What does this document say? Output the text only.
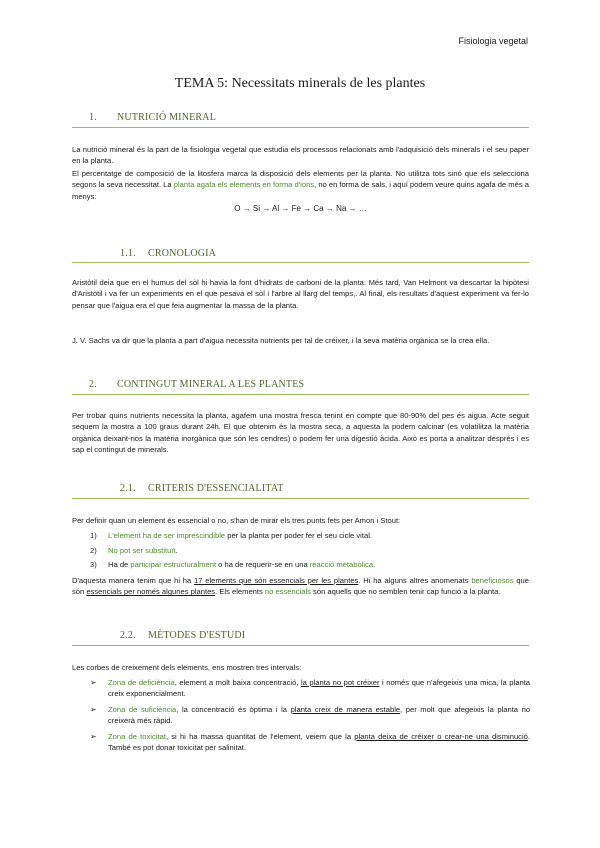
Fisiologia vegetal
TEMA 5: Necessitats minerals de les plantes
1. NUTRICIÓ MINERAL
La nutrició mineral és la part de la fisiologia vegetal que estudia els processos relacionats amb l'adquisició dels minerals i el seu paper en la planta.
El percentatge de composició de la litosfera marca la disposició dels elements per la planta. No utilitza tots sinó que els selecciona segons la seva necessitat. La planta agafa els elements en forma d'ions, no en forma de sals, i aquí podem veure quins agafa de més a menys:
O → Si → Al → Fe → Ca → Na → …
1.1. CRONOLOGIA
Aristòtil deia que en el humus del sòl hi havia la font d'hidrats de carboni de la planta. Més tard, Van Helmont va descartar la hipòtesi d'Aristòtil i va fer un experiments en el que pesava el sòl i l'arbre al llarg del temps,. Al final, els resultats d'aquest experiment va fer-lo pensar que l'aigua era el que feia augmentar la massa de la planta.
J. V. Sachs va dir que la planta a part d'aigua necessita nutrients per tal de créixer, i la seva matèria orgànica se la crea ella.
2. CONTINGUT MINERAL A LES PLANTES
Per trobar quins nutrients necessita la planta, agafem una mostra fresca tenint en compte que 80-90% del pes és aigua. Acte seguit sequem la mostra a 100 graus durant 24h. El que obtenim és la mostra seca, a aquesta la podem calcinar (es volatilitza la matèria orgànica deixant-nos la matèria inorgànica que són les cendres) o podem fer una digestió àcida. Això es porta a analitzar després i es sap el contingut de minerals.
2.1. CRITERIS D'ESSENCIALITAT
Per definir quan un element és essencial o no, s'han de mirar els tres punts fets per Amon i Stout:
1)	L'element ha de ser imprescindible per la planta per poder fer el seu cicle vital.
2)	No pot ser substituït.
3)	Ha de participar estructuralment o ha de requerir-se en una reacció metabòlica.
D'aquesta manera tenim que hi ha 17 elements que són essencials per les plantes. Hi ha alguns altres anomenats beneficiosos que són essencials per només algunes plantes. Els elements no essencials són aquells que no semblen tenir cap funció a la planta.
2.2. MÈTODES D'ESTUDI
Les corbes de creixement dels elements, ens mostren tres intervals:
➢	Zona de deficiència, element a molt baixa concentració, la planta no pot créixer i només que n'afegeixis una mica, la planta creix exponencialment.
➢	Zona de suficiència, la concentració és òptima i la planta creix de manera estable, per molt que afegeixis la planta no creixerà més ràpid.
➢	Zona de toxicitat, si hi ha massa quantitat de l'element, veiem que la planta deixa de créixer o crear-ne una disminució. També es pot donar toxicitat per salinitat.
